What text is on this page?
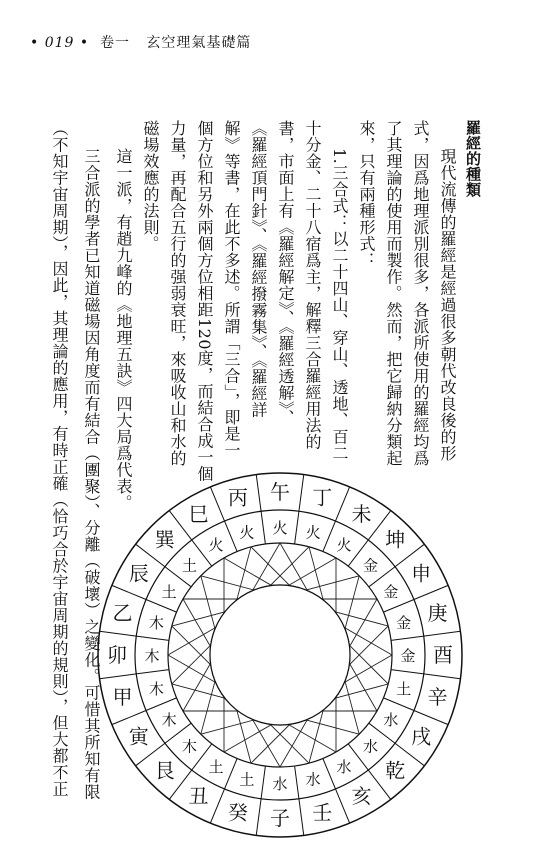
• 019 • 卷一 玄空理氣基礎篇
羅經的種類
現代流傳的羅經是經過很多朝代改良後的形
式，因爲地理派別很多，各派所使用的羅經均爲
了其理論的使用而製作。然而，把它歸納分類起
來，只有兩種形式：
1.三合式：以二十四山、穿山、透地、百二
十分金、二十八宿爲主，解釋三合羅經用法的
書，市面上有《羅經解定》、《羅經透解》、
《羅經頂門針》、《羅經撥霧集》、《羅經詳
解》等書，在此不多述。所謂「三合」，即是一
個方位和另外兩個方位相距120度，而結合成一個
力量，再配合五行的强弱衰旺，來吸收山和水的
磁場效應的法則。
這一派，有趙九峰的《地理五訣》四大局爲代表。
三合派的學者已知道磁場因角度而有結合（團聚）、分離（破壞）之變化。可惜其所知有限
（不知宇宙周期），因此，其理論的應用，有時正確（恰巧合於宇宙周期的規則），但大都不正	午 丁
未
坤
申
庚
酉
辛
戌
乾
亥
壬
子
癸
丑
艮
寅
甲
卯
乙
辰
巽
巳
丙
火 火
火
金
金
金
金
土
水
水
水
水
水
土
土
木
木
木
木
木
土
土
火
火
